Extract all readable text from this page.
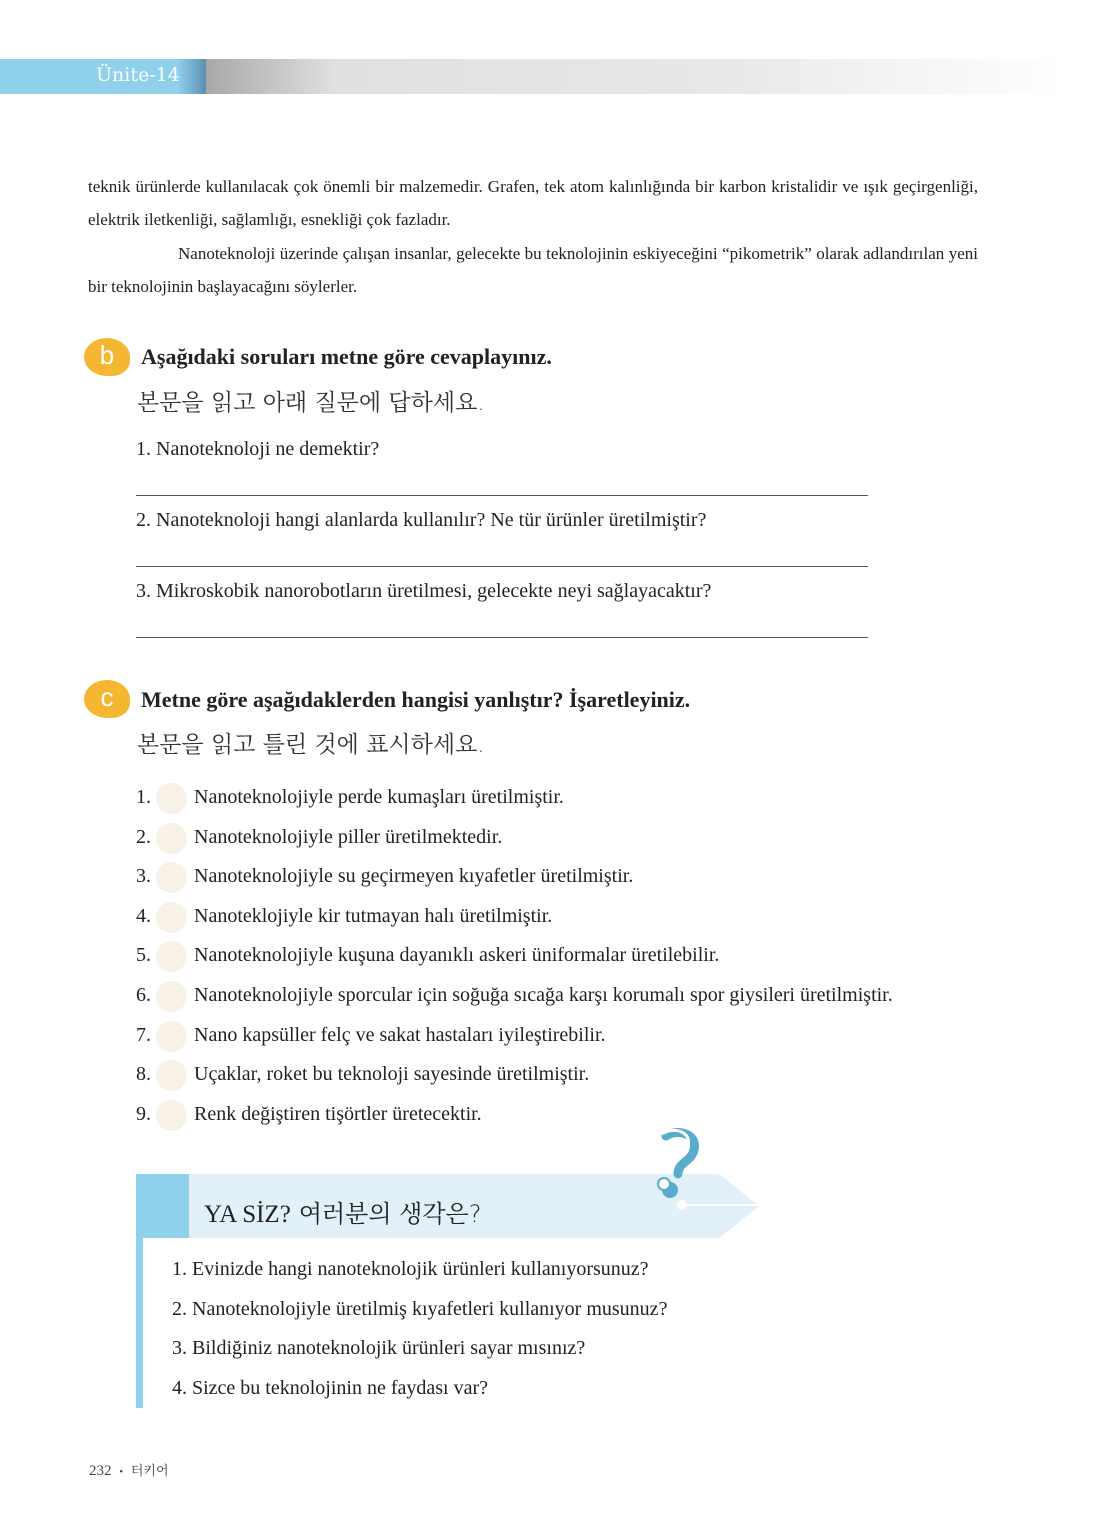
Ünite-14
teknik ürünlerde kullanılacak çok önemli bir malzemedir. Grafen, tek atom kalınlığında bir karbon kristalidir ve ışık geçirgenliği, elektrik iletkenliği, sağlamlığı, esnekliği çok fazladır.
Nanoteknoloji üzerinde çalışan insanlar, gelecekte bu teknolojinin eskiyeceğini “pikometrik” olarak adlandırılan yeni bir teknolojinin başlayacağını söylerler.
b	Aşağıdaki soruları metne göre cevaplayınız.
본문을 읽고 아래 질문에 답하세요.
1. Nanoteknoloji ne demektir?
2. Nanoteknoloji hangi alanlarda kullanılır? Ne tür ürünler üretilmiştir?
3. Mikroskobik nanorobotların üretilmesi, gelecekte neyi sağlayacaktır?
c	Metne göre aşağıdaklerden hangisi yanlıştır? İşaretleyiniz.
본문을 읽고 틀린 것에 표시하세요.
1. Nanoteknolojiyle perde kumaşları üretilmiştir.
2. Nanoteknolojiyle piller üretilmektedir.
3. Nanoteknolojiyle su geçirmeyen kıyafetler üretilmiştir.
4. Nanoteklojiyle kir tutmayan halı üretilmiştir.
5. Nanoteknolojiyle kuşuna dayanıklı askeri üniformalar üretilebilir.
6. Nanoteknolojiyle sporcular için soğuğa sıcağa karşı korumalı spor giysileri üretilmiştir.
7. Nano kapsüller felç ve sakat hastaları iyileştirebilir.
8. Uçaklar, roket bu teknoloji sayesinde üretilmiştir.
9. Renk değiştiren tişörtler üretecektir.
YA SİZ? 여러분의 생각은?
1. Evinizde hangi nanoteknolojik ürünleri kullanıyorsunuz?
2. Nanoteknolojiyle üretilmiş kıyafetleri kullanıyor musunuz?
3. Bildiğiniz nanoteknolojik ürünleri sayar mısınız?
4. Sizce bu teknolojinin ne faydası var?
232 • 터키어
